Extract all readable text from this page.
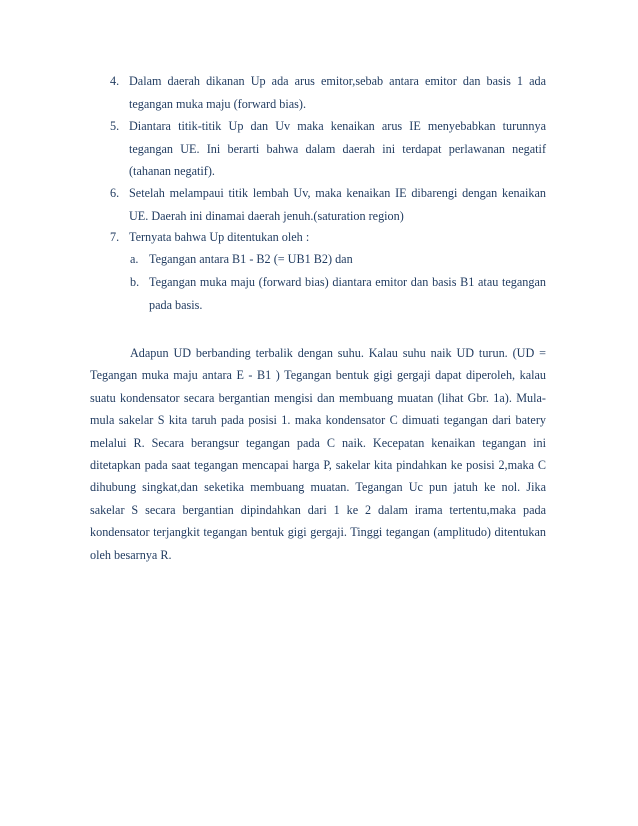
4. Dalam daerah dikanan Up ada arus emitor,sebab antara emitor dan basis 1 ada tegangan muka maju (forward bias).
5. Diantara titik-titik Up dan Uv maka kenaikan arus IE menyebabkan turunnya tegangan UE. Ini berarti bahwa dalam daerah ini terdapat perlawanan negatif (tahanan negatif).
6. Setelah melampaui titik lembah Uv, maka kenaikan IE dibarengi dengan kenaikan UE. Daerah ini dinamai daerah jenuh.(saturation region)
7. Ternyata bahwa Up ditentukan oleh :
a. Tegangan antara B1 - B2 (= UB1 B2) dan
b. Tegangan muka maju (forward bias) diantara emitor dan basis B1 atau tegangan pada basis.

Adapun UD berbanding terbalik dengan suhu. Kalau suhu naik UD turun. (UD = Tegangan muka maju antara E - B1 ) Tegangan bentuk gigi gergaji dapat diperoleh, kalau suatu kondensator secara bergantian mengisi dan membuang muatan (lihat Gbr. 1a). Mula-mula sakelar S kita taruh pada posisi 1. maka kondensator C dimuati tegangan dari batery melalui R. Secara berangsur tegangan pada C naik. Kecepatan kenaikan tegangan ini ditetapkan pada saat tegangan mencapai harga P, sakelar kita pindahkan ke posisi 2,maka C dihubung singkat,dan seketika membuang muatan. Tegangan Uc pun jatuh ke nol. Jika sakelar S secara bergantian dipindahkan dari 1 ke 2 dalam irama tertentu,maka pada kondensator terjangkit tegangan bentuk gigi gergaji. Tinggi tegangan (amplitudo) ditentukan oleh besarnya R.
